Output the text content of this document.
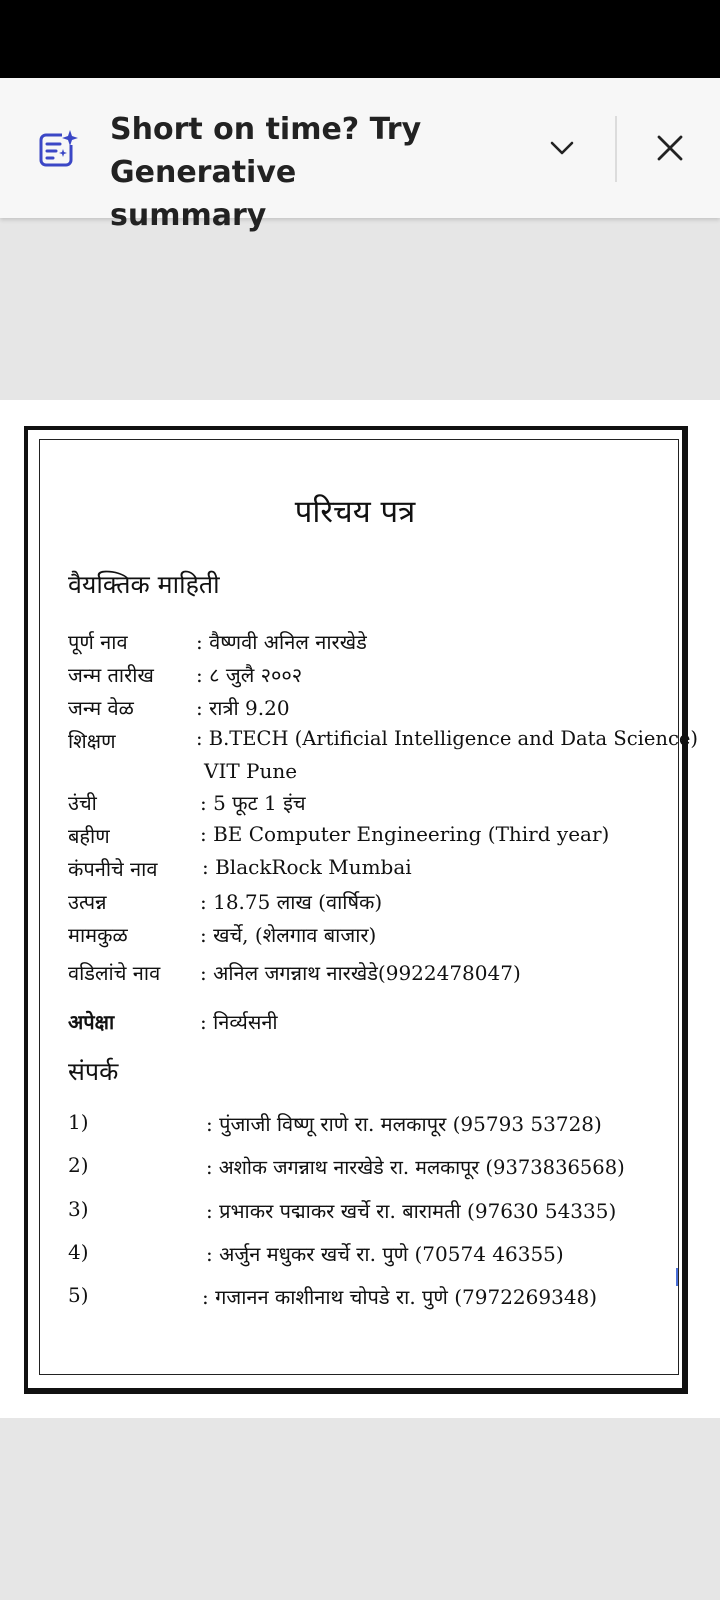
Short on time? Try
Generative summary
परिचय पत्र
वैयक्तिक माहिती
पूर्ण नाव	: वैष्णवी अनिल नारखेडे
जन्म तारीख : ८ जुलै २००२
जन्म वेळ	: रात्री 9.20
शिक्षण	: B.TECH (Artificial Intelligence and Data Science)
VIT Pune
उंची	: 5 फूट 1 इंच
बहीण	: BE Computer Engineering (Third year)
कंपनीचे नाव : BlackRock Mumbai
उत्पन्न	: 18.75 लाख (वार्षिक)
मामकुळ	: खर्चे, (शेलगाव बाजार)
वडिलांचे नाव : अनिल जगन्नाथ नारखेडे(9922478047)
अपेक्षा	: निर्व्यसनी
संपर्क
1)	: पुंजाजी विष्णू राणे रा. मलकापूर (95793 53728)
2)	: अशोक जगन्नाथ नारखेडे रा. मलकापूर (9373836568)
3)	: प्रभाकर पद्माकर खर्चे रा. बारामती (97630 54335)
4)	: अर्जुन मधुकर खर्चे रा. पुणे (70574 46355)
5)	: गजानन काशीनाथ चोपडे रा. पुणे (7972269348)
